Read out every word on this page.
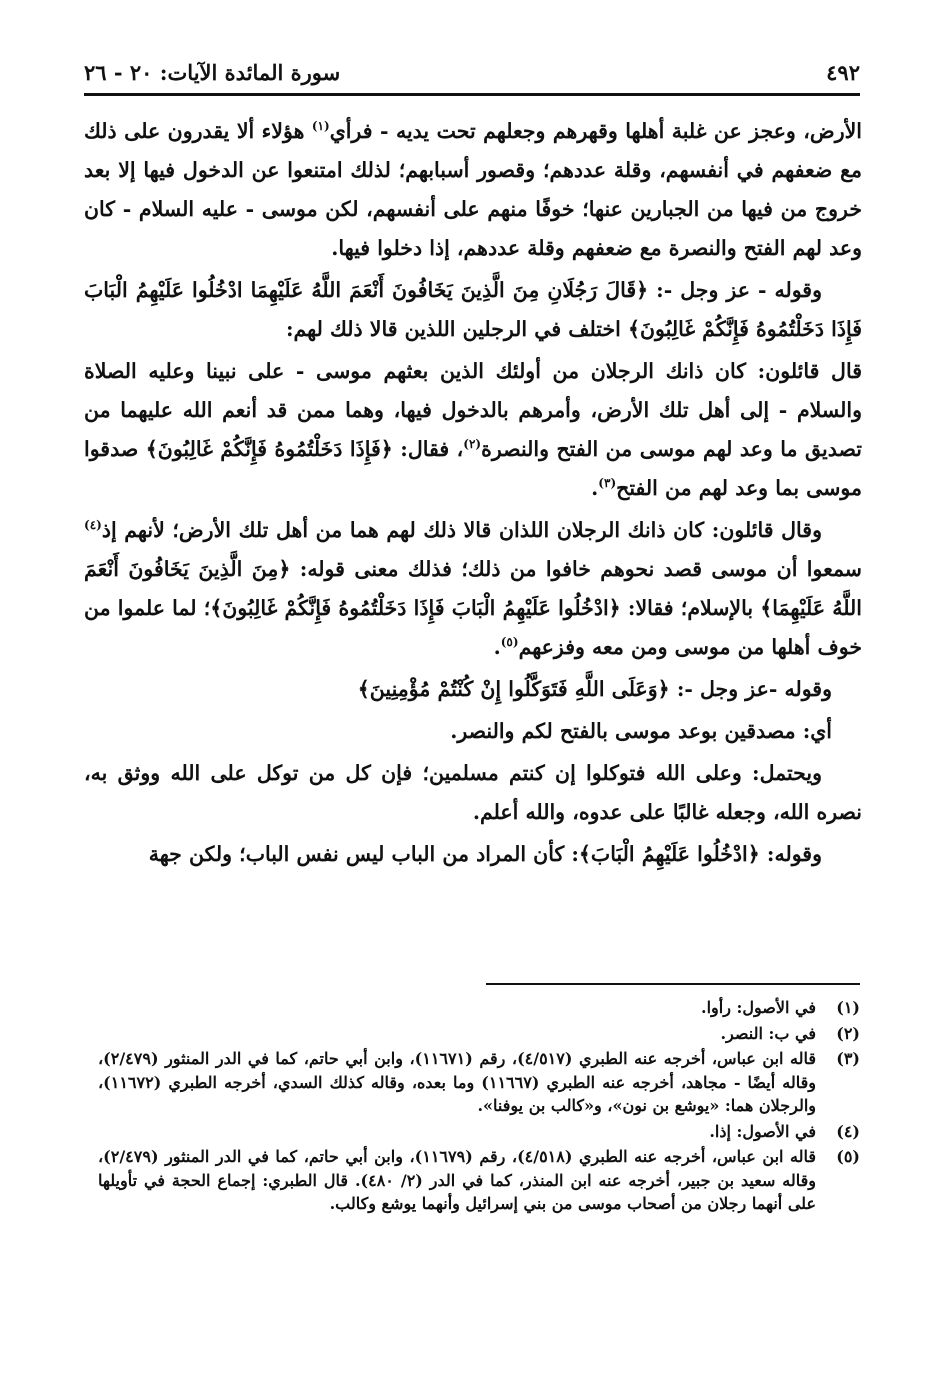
٤٩٢
سورة المائدة الآيات: ٢٠ - ٢٦

الأرض، وعجز عن غلبة أهلها وقهرهم وجعلهم تحت يديه - فرأي$^{(١)}$ هؤلاء ألا يقدرون على ذلك مع ضعفهم في أنفسهم، وقلة عددهم؛ وقصور أسبابهم؛ لذلك امتنعوا عن الدخول فيها إلا بعد خروج من فيها من الجبارين عنها؛ خوفًا منهم على أنفسهم، لكن موسى - عليه السلام - كان وعد لهم الفتح والنصرة مع ضعفهم وقلة عددهم، إذا دخلوا فيها.

وقوله - عز وجل -: ﴿قَالَ رَجُلَانِ مِنَ الَّذِينَ يَخَافُونَ أَنْعَمَ اللَّهُ عَلَيْهِمَا ادْخُلُوا عَلَيْهِمُ الْبَابَ فَإِذَا دَخَلْتُمُوهُ فَإِنَّكُمْ غَالِبُونَ﴾ اختلف في الرجلين اللذين قالا ذلك لهم:

قال قائلون: كان ذانك الرجلان من أولئك الذين بعثهم موسى - على نبينا وعليه الصلاة والسلام - إلى أهل تلك الأرض، وأمرهم بالدخول فيها، وهما ممن قد أنعم الله عليهما من تصديق ما وعد لهم موسى من الفتح والنصرة$^{(٢)}$، فقال: ﴿فَإِذَا دَخَلْتُمُوهُ فَإِنَّكُمْ غَالِبُونَ﴾ صدقوا موسى بما وعد لهم من الفتح$^{(٣)}$.

وقال قائلون: كان ذانك الرجلان اللذان قالا ذلك لهم هما من أهل تلك الأرض؛ لأنهم إذ$^{(٤)}$ سمعوا أن موسى قصد نحوهم خافوا من ذلك؛ فذلك معنى قوله: ﴿مِنَ الَّذِينَ يَخَافُونَ أَنْعَمَ اللَّهُ عَلَيْهِمَا﴾ بالإسلام؛ فقالا: ﴿ادْخُلُوا عَلَيْهِمُ الْبَابَ فَإِذَا دَخَلْتُمُوهُ فَإِنَّكُمْ غَالِبُونَ﴾؛ لما علموا من خوف أهلها من موسى ومن معه وفزعهم$^{(٥)}$.

وقوله -عز وجل -: ﴿وَعَلَى اللَّهِ فَتَوَكَّلُوا إِنْ كُنْتُمْ مُؤْمِنِينَ﴾

أي: مصدقين بوعد موسى بالفتح لكم والنصر.

ويحتمل: وعلى الله فتوكلوا إن كنتم مسلمين؛ فإن كل من توكل على الله ووثق به، نصره الله، وجعله غالبًا على عدوه، والله أعلم.

وقوله: ﴿ادْخُلُوا عَلَيْهِمُ الْبَابَ﴾: كأن المراد من الباب ليس نفس الباب؛ ولكن جهة

(١)
في الأصول: رأوا.
(٢)
في ب: النصر.
(٣)
قاله ابن عباس، أخرجه عنه الطبري (٤/٥١٧)، رقم (١١٦٧١)، وابن أبي حاتم، كما في الدر المنثور (٢/٤٧٩)، وقاله أيضًا - مجاهد، أخرجه عنه الطبري (١١٦٦٧) وما بعده، وقاله كذلك السدي، أخرجه الطبري (١١٦٧٢)، والرجلان هما: «يوشع بن نون»، و«كالب بن يوفنا».
(٤)
في الأصول: إذا.
(٥)
قاله ابن عباس، أخرجه عنه الطبري (٤/٥١٨)، رقم (١١٦٧٩)، وابن أبي حاتم، كما في الدر المنثور (٢/٤٧٩)، وقاله سعيد بن جبير، أخرجه عنه ابن المنذر، كما في الدر (٢/ ٤٨٠). قال الطبري: إجماع الحجة في تأويلها على أنهما رجلان من أصحاب موسى من بني إسرائيل وأنهما يوشع وكالب.
